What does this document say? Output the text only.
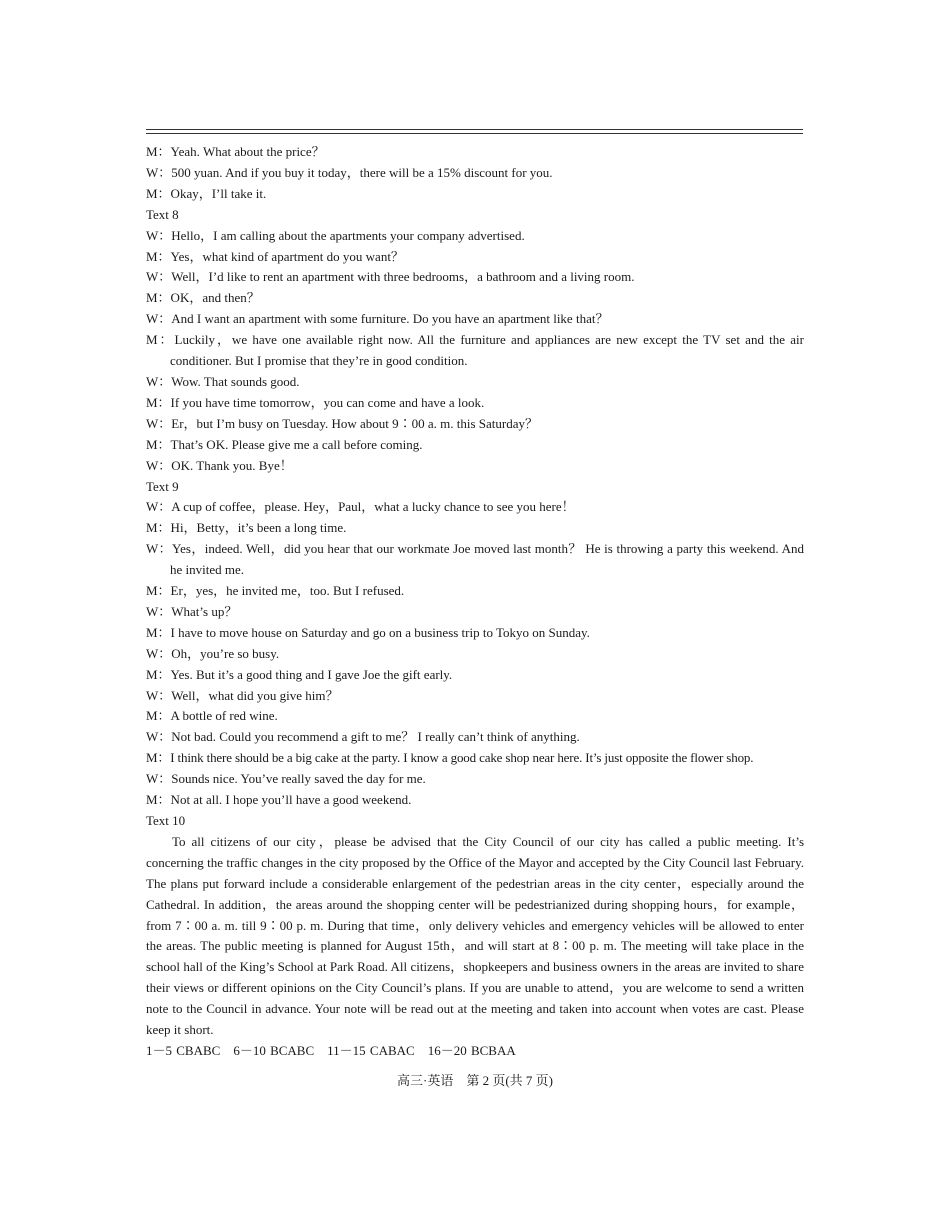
M：Yeah. What about the price？
W：500 yuan. And if you buy it today，there will be a 15% discount for you.
M：Okay，I’ll take it.
Text 8
W：Hello，I am calling about the apartments your company advertised.
M：Yes，what kind of apartment do you want？
W：Well，I’d like to rent an apartment with three bedrooms，a bathroom and a living room.
M：OK，and then？
W：And I want an apartment with some furniture. Do you have an apartment like that？
M：Luckily，we have one available right now. All the furniture and appliances are new except the TV set and the air conditioner. But I promise that they’re in good condition.
W：Wow. That sounds good.
M：If you have time tomorrow，you can come and have a look.
W：Er，but I’m busy on Tuesday. How about 9∶00 a. m. this Saturday？
M：That’s OK. Please give me a call before coming.
W：OK. Thank you. Bye！
Text 9
W：A cup of coffee，please. Hey，Paul，what a lucky chance to see you here！
M：Hi，Betty，it’s been a long time.
W：Yes，indeed. Well，did you hear that our workmate Joe moved last month？ He is throwing a party this weekend. And he invited me.
M：Er，yes，he invited me，too. But I refused.
W：What’s up？
M：I have to move house on Saturday and go on a business trip to Tokyo on Sunday.
W：Oh，you’re so busy.
M：Yes. But it’s a good thing and I gave Joe the gift early.
W：Well，what did you give him？
M：A bottle of red wine.
W：Not bad. Could you recommend a gift to me？ I really can’t think of anything.
M：I think there should be a big cake at the party. I know a good cake shop near here. It’s just opposite the flower shop.
W：Sounds nice. You’ve really saved the day for me.
M：Not at all. I hope you’ll have a good weekend.
Text 10
To all citizens of our city，please be advised that the City Council of our city has called a public meeting. It’s concerning the traffic changes in the city proposed by the Office of the Mayor and accepted by the City Council last February. The plans put forward include a considerable enlargement of the pedestrian areas in the city center，especially around the Cathedral. In addition，the areas around the shopping center will be pedestrianized during shopping hours，for example，from 7∶00 a. m. till 9∶00 p. m. During that time，only delivery vehicles and emergency vehicles will be allowed to enter the areas. The public meeting is planned for August 15th，and will start at 8∶00 p. m. The meeting will take place in the school hall of the King’s School at Park Road. All citizens，shopkeepers and business owners in the areas are invited to share their views or different opinions on the City Council’s plans. If you are unable to attend，you are welcome to send a written note to the Council in advance. Your note will be read out at the meeting and taken into account when votes are cast. Please keep it short.
1－5 CBABC　6－10 BCABC　11－15 CABAC　16－20 BCBAA
高三·英语　第 2 页(共 7 页)
